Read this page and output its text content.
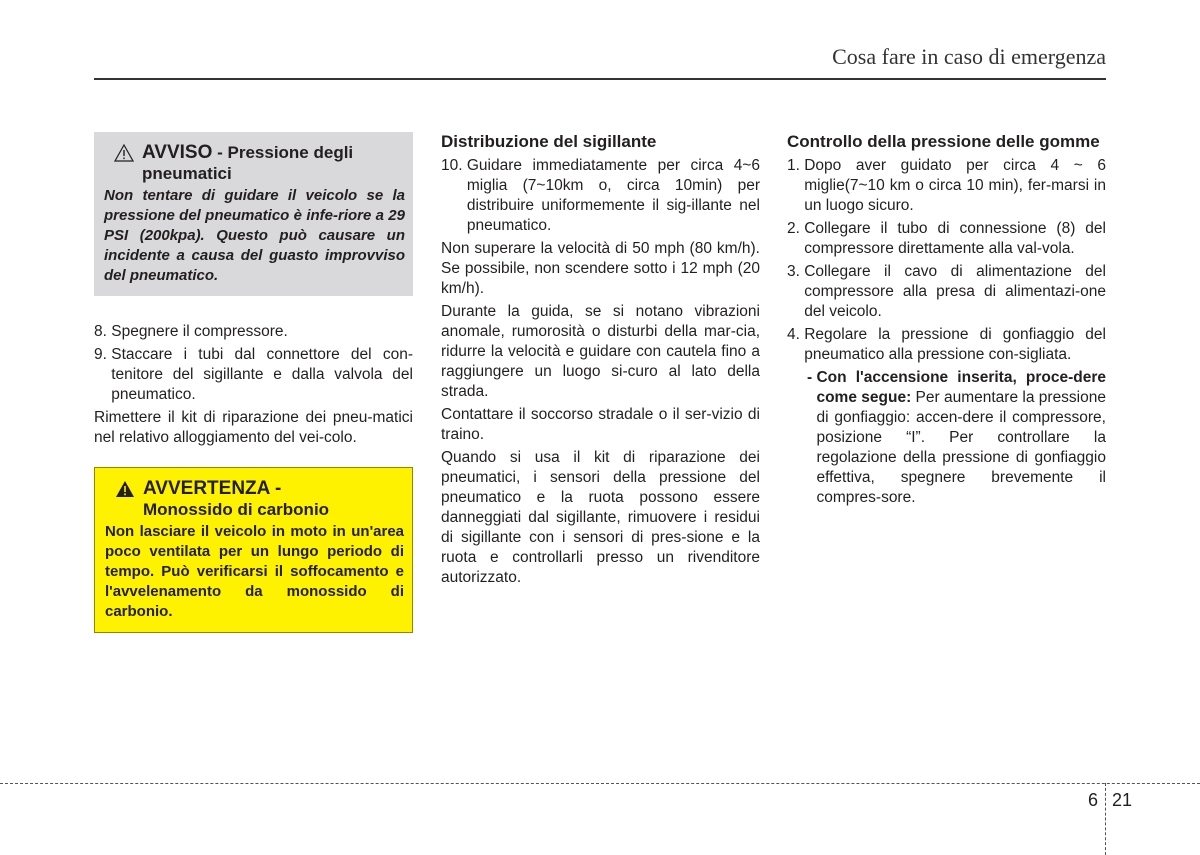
Cosa fare in caso di emergenza
AVVISO - Pressione degli
pneumatici
Non tentare di guidare il veicolo se la pressione del pneumatico è infe-riore a 29 PSI (200kpa). Questo può causare un incidente a causa del guasto improvviso del pneumatico.
8. Spegnere il compressore.
9. Staccare i tubi dal connettore del con-tenitore del sigillante e dalla valvola del pneumatico.

Rimettere il kit di riparazione dei pneu-matici nel relativo alloggiamento del vei-colo.

AVVERTENZA -
Monossido di carbonio
Non lasciare il veicolo in moto in un'area poco ventilata per un lungo periodo di tempo. Può verificarsi il soffocamento e l'avvelenamento da monossido di carbonio.
Distribuzione del sigillante
10. Guidare immediatamente per circa 4~6 miglia (7~10km o, circa 10min) per distribuire uniformemente il sig-illante nel pneumatico.

Non superare la velocità di 50 mph (80 km/h). Se possibile, non scendere sotto i 12 mph (20 km/h).

Durante la guida, se si notano vibrazioni anomale, rumorosità o disturbi della mar-cia, ridurre la velocità e guidare con cautela fino a raggiungere un luogo si-curo al lato della strada.

Contattare il soccorso stradale o il ser-vizio di traino.

Quando si usa il kit di riparazione dei pneumatici, i sensori della pressione del pneumatico e la ruota possono essere danneggiati dal sigillante, rimuovere i residui di sigillante con i sensori di pres-sione e la ruota e controllarli presso un rivenditore autorizzato.

Controllo della pressione delle gomme
1. Dopo aver guidato per circa 4 ~ 6 miglie(7~10 km o circa 10 min), fer-marsi in un luogo sicuro.
2. Collegare il tubo di connessione (8) del compressore direttamente alla val-vola.
3. Collegare il cavo di alimentazione del compressore alla presa di alimentazi-one del veicolo.
4. Regolare la pressione di gonfiaggio del pneumatico alla pressione con-sigliata.
- Con l'accensione inserita, proce-dere come segue: Per aumentare la pressione di gonfiaggio: accen-dere il compressore, posizione “I”. Per controllare la regolazione della pressione di gonfiaggio effettiva, spegnere brevemente il compres-sore.
6 21
